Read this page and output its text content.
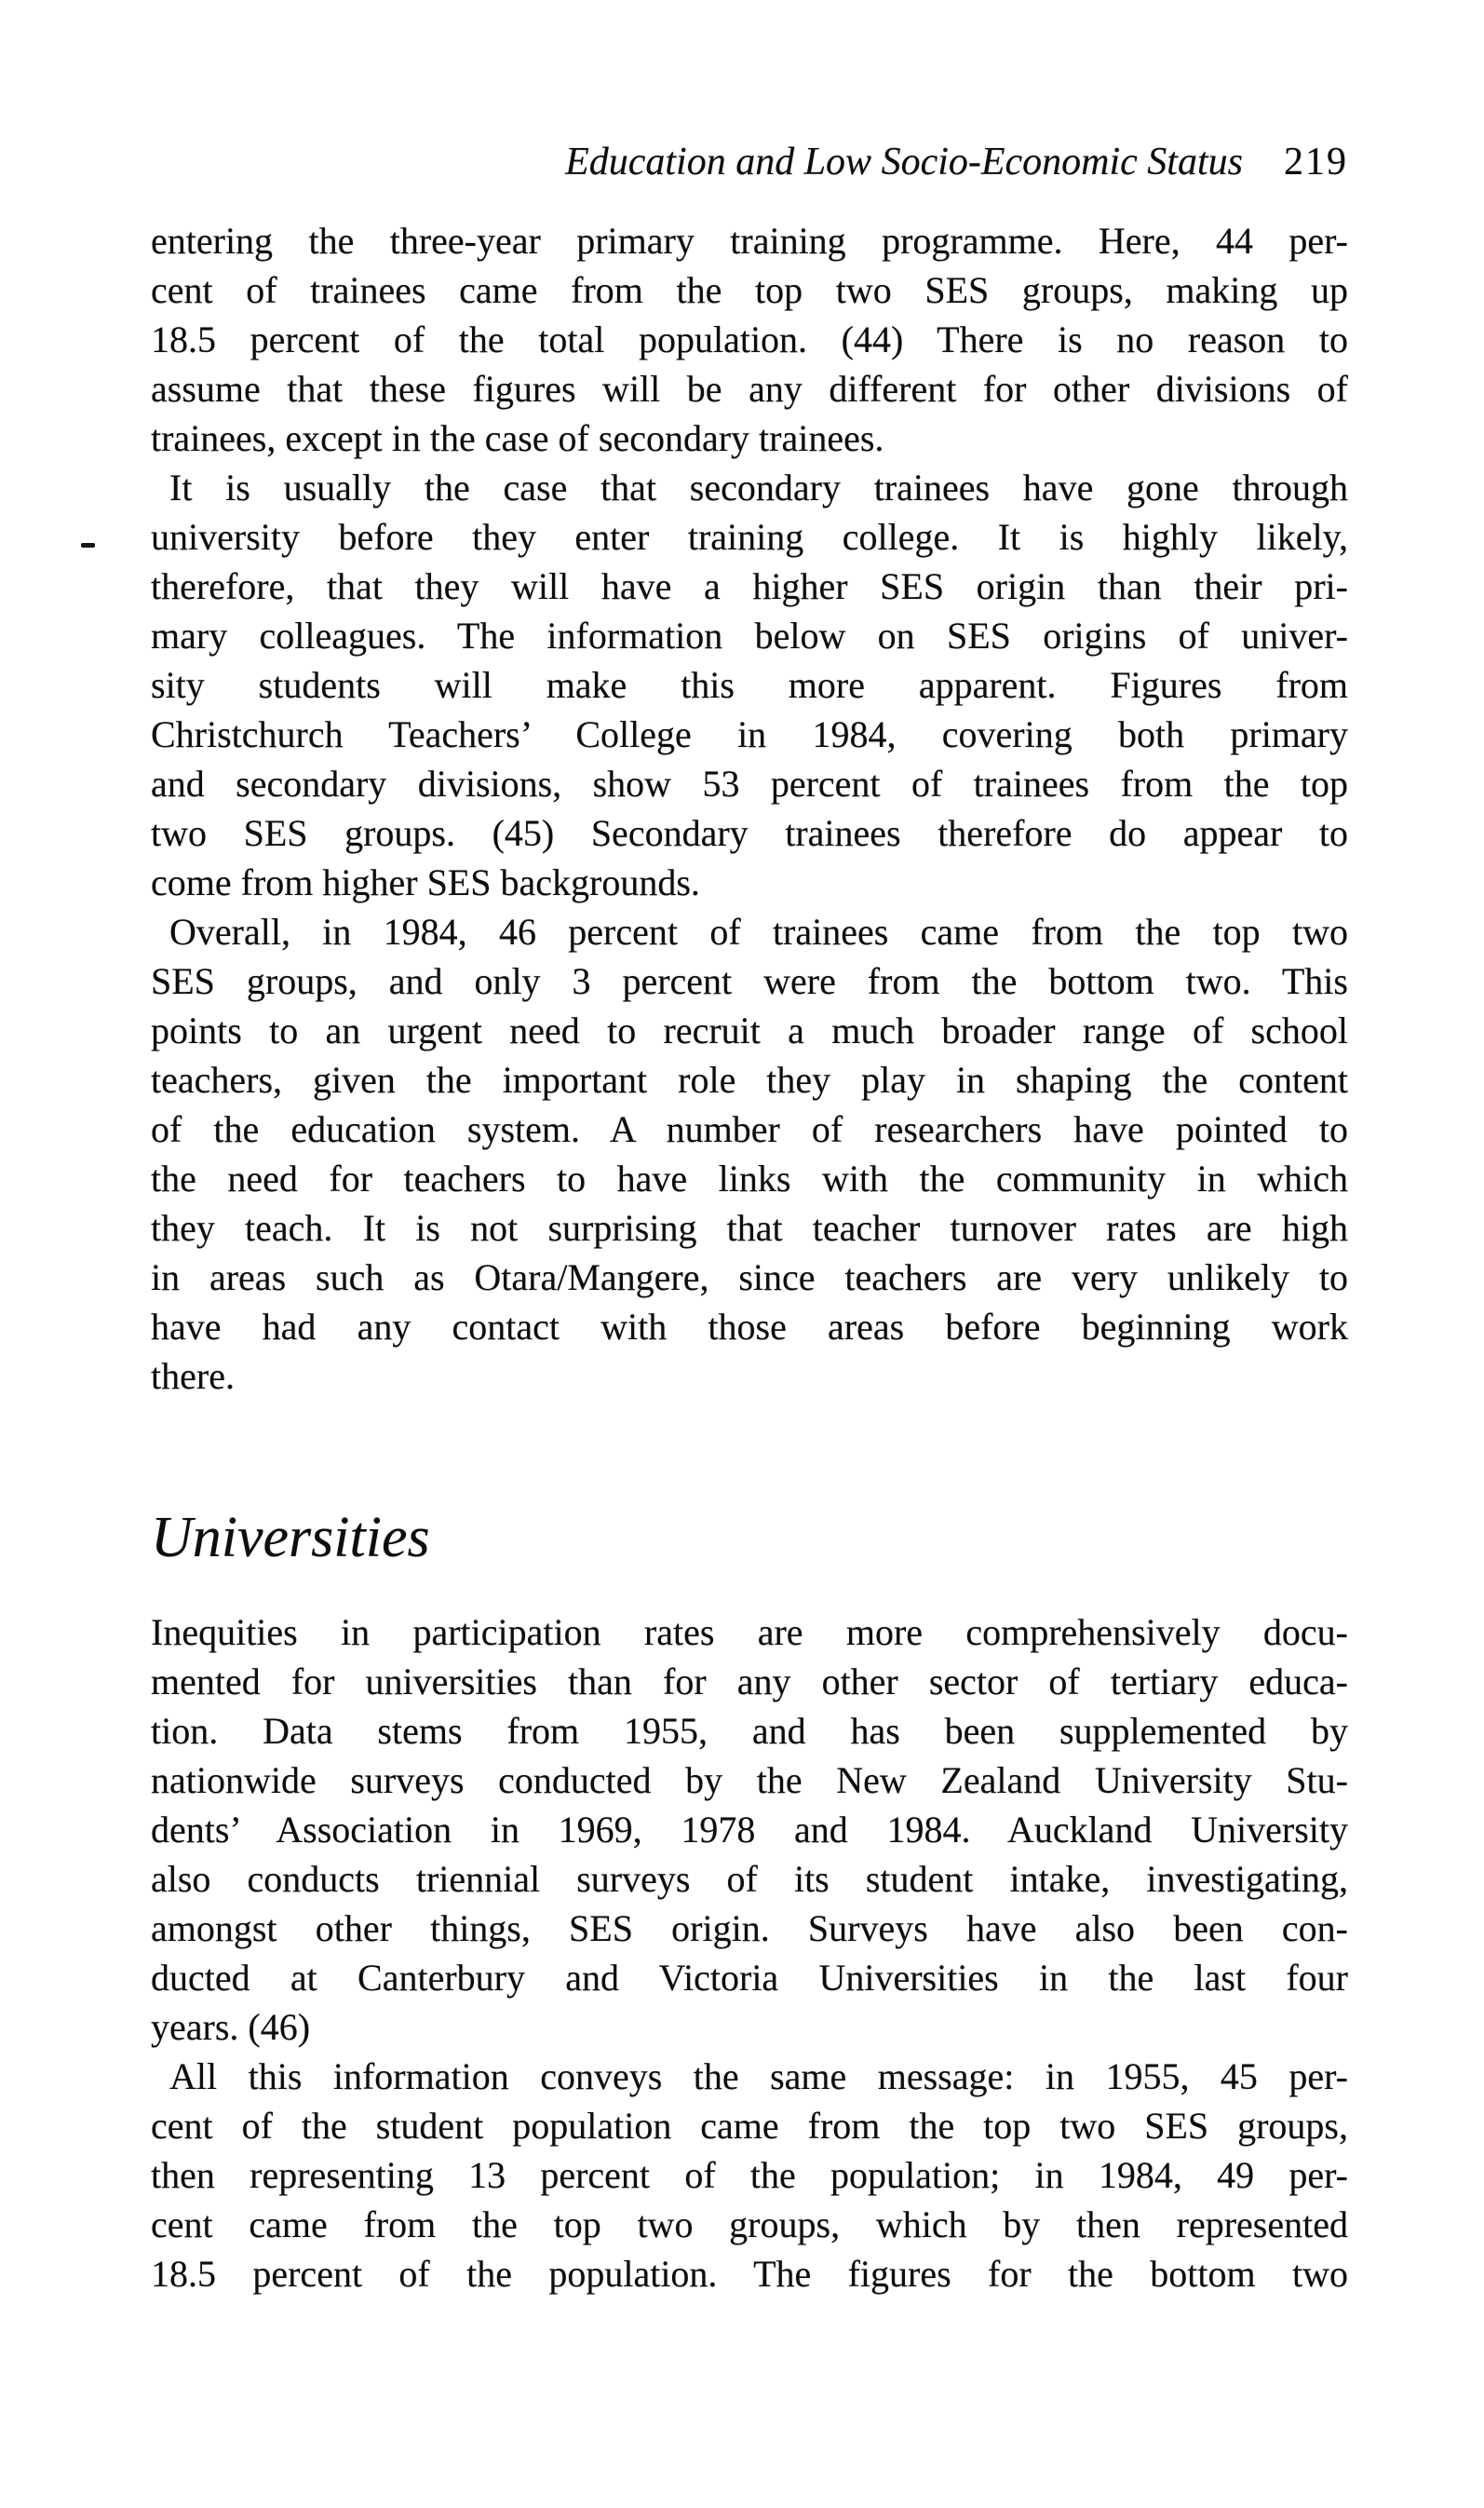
Education and Low Socio-Economic Status 219
entering the three-year primary training programme. Here, 44 per-
cent of trainees came from the top two SES groups, making up
18.5 percent of the total population. (44) There is no reason to
assume that these figures will be any different for other divisions of
trainees, except in the case of secondary trainees.
It is usually the case that secondary trainees have gone through
university before they enter training college. It is highly likely,
therefore, that they will have a higher SES origin than their pri-
mary colleagues. The information below on SES origins of univer-
sity students will make this more apparent. Figures from
Christchurch Teachers’ College in 1984, covering both primary
and secondary divisions, show 53 percent of trainees from the top
two SES groups. (45) Secondary trainees therefore do appear to
come from higher SES backgrounds.
Overall, in 1984, 46 percent of trainees came from the top two
SES groups, and only 3 percent were from the bottom two. This
points to an urgent need to recruit a much broader range of school
teachers, given the important role they play in shaping the content
of the education system. A number of researchers have pointed to
the need for teachers to have links with the community in which
they teach. It is not surprising that teacher turnover rates are high
in areas such as Otara/Mangere, since teachers are very unlikely to
have had any contact with those areas before beginning work
there.
Universities
Inequities in participation rates are more comprehensively docu-
mented for universities than for any other sector of tertiary educa-
tion. Data stems from 1955, and has been supplemented by
nationwide surveys conducted by the New Zealand University Stu-
dents’ Association in 1969, 1978 and 1984. Auckland University
also conducts triennial surveys of its student intake, investigating,
amongst other things, SES origin. Surveys have also been con-
ducted at Canterbury and Victoria Universities in the last four
years. (46)
All this information conveys the same message: in 1955, 45 per-
cent of the student population came from the top two SES groups,
then representing 13 percent of the population; in 1984, 49 per-
cent came from the top two groups, which by then represented
18.5 percent of the population. The figures for the bottom two
